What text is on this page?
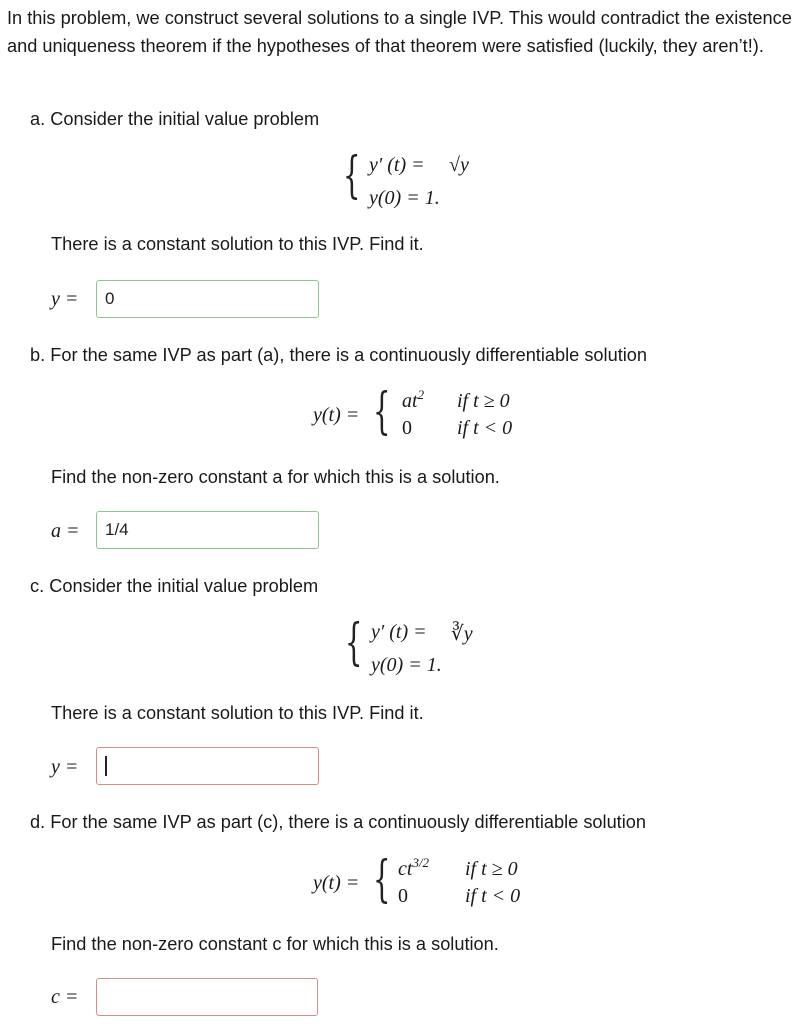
In this problem, we construct several solutions to a single IVP. This would contradict the existence and uniqueness theorem if the hypotheses of that theorem were satisfied (luckily, they aren’t!).
a. Consider the initial value problem
{ y′ (t) = √y
y(0) = 1.
There is a constant solution to this IVP. Find it.
y =
0
b. For the same IVP as part (a), there is a continuously differentiable solution
y(t) = { $at^2$ if t ≥ 0
0 if t < 0
Find the non-zero constant a for which this is a solution.
a =
1/4
c. Consider the initial value problem
{ y′ (t) = ∛y
y(0) = 1.
There is a constant solution to this IVP. Find it.
y =
d. For the same IVP as part (c), there is a continuously differentiable solution
y(t) = { $ct^{3/2}$ if t ≥ 0
0	if t < 0
Find the non-zero constant c for which this is a solution.
c =
